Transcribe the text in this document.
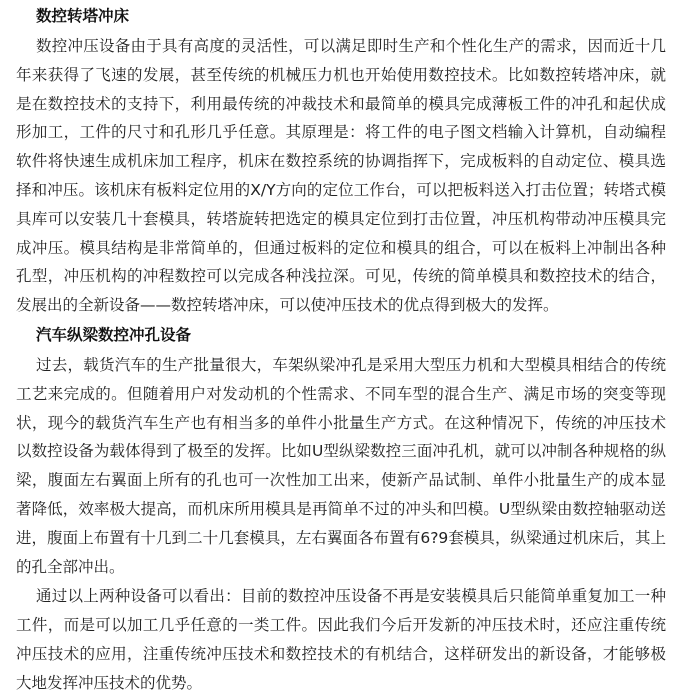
数控转塔冲床

数控冲压设备由于具有高度的灵活性，可以满足即时生产和个性化生产的需求，因而近十几年来获得了飞速的发展，甚至传统的机械压力机也开始使用数控技术。比如数控转塔冲床，就是在数控技术的支持下，利用最传统的冲裁技术和最简单的模具完成薄板工件的冲孔和起伏成形加工，工件的尺寸和孔形几乎任意。其原理是：将工件的电子图文档输入计算机，自动编程软件将快速生成机床加工程序，机床在数控系统的协调指挥下，完成板料的自动定位、模具选择和冲压。该机床有板料定位用的X/Y方向的定位工作台，可以把板料送入打击位置；转塔式模具库可以安装几十套模具，转塔旋转把选定的模具定位到打击位置，冲压机构带动冲压模具完成冲压。模具结构是非常简单的，但通过板料的定位和模具的组合，可以在板料上冲制出各种孔型，冲压机构的冲程数控可以完成各种浅拉深。可见，传统的简单模具和数控技术的结合，发展出的全新设备——数控转塔冲床，可以使冲压技术的优点得到极大的发挥。

汽车纵梁数控冲孔设备

过去，载货汽车的生产批量很大，车架纵梁冲孔是采用大型压力机和大型模具相结合的传统工艺来完成的。但随着用户对发动机的个性需求、不同车型的混合生产、满足市场的突变等现状，现今的载货汽车生产也有相当多的单件小批量生产方式。在这种情况下，传统的冲压技术以数控设备为载体得到了极至的发挥。比如U型纵梁数控三面冲孔机，就可以冲制各种规格的纵梁，腹面左右翼面上所有的孔也可一次性加工出来，使新产品试制、单件小批量生产的成本显著降低，效率极大提高，而机床所用模具是再简单不过的冲头和凹模。U型纵梁由数控轴驱动送进，腹面上布置有十几到二十几套模具，左右翼面各布置有6?9套模具，纵梁通过机床后，其上的孔全部冲出。

通过以上两种设备可以看出：目前的数控冲压设备不再是安装模具后只能简单重复加工一种工件，而是可以加工几乎任意的一类工件。因此我们今后开发新的冲压技术时，还应注重传统冲压技术的应用，注重传统冲压技术和数控技术的有机结合，这样研发出的新设备，才能够极大地发挥冲压技术的优势。
